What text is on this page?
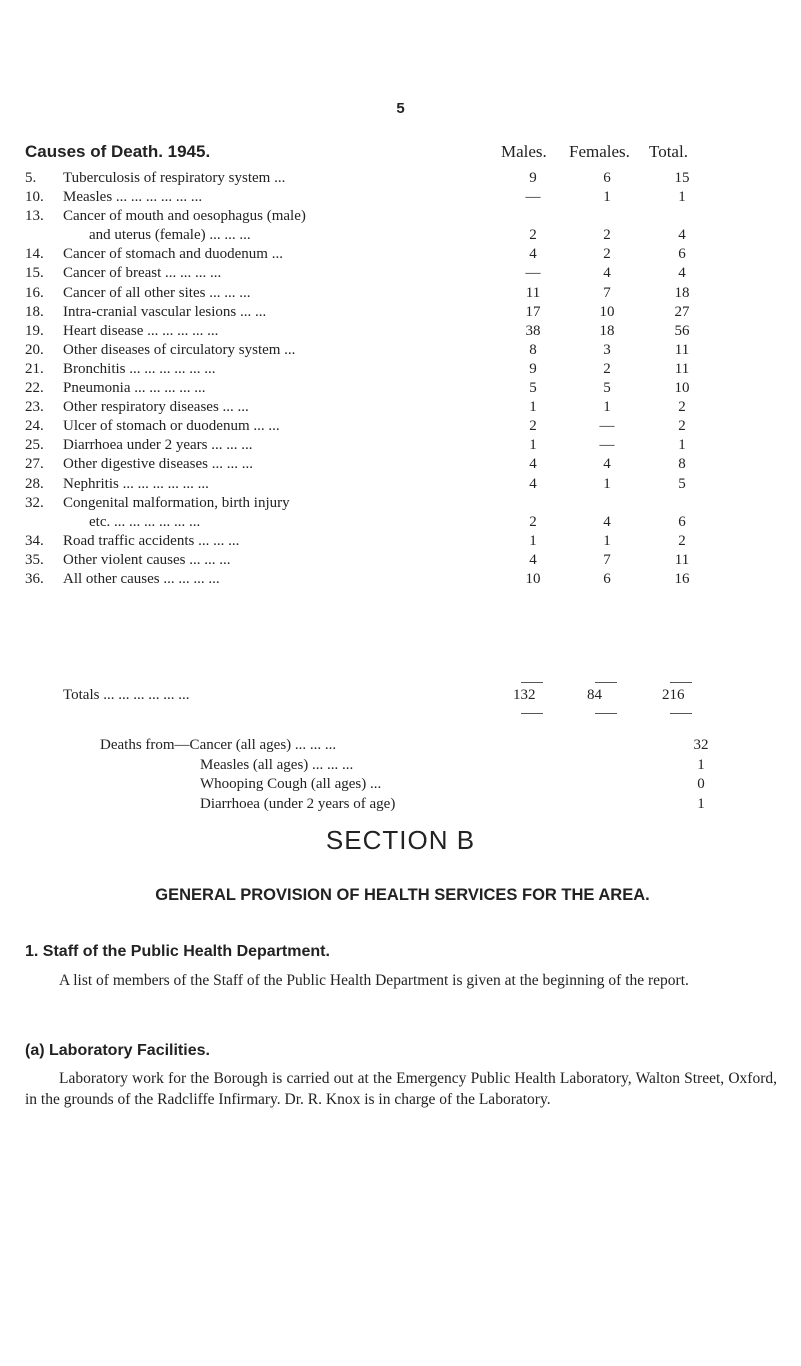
5
Causes of Death. 1945.	Males. Females. Total.
5.	Tuberculosis of respiratory system ...	9	6	15
10.	Measles ... ... ... ... ... ...	—	1	1
13.	Cancer of mouth and oesophagus (male)
and uterus (female) ... ... ...	2	2	4
14.	Cancer of stomach and duodenum ...	4	2	6
15.	Cancer of breast ... ... ... ...	—	4	4
16.	Cancer of all other sites ... ... ...	11	7	18
18.	Intra-cranial vascular lesions ... ...	17	10	27
19.	Heart disease ... ... ... ... ...	38	18	56
20.	Other diseases of circulatory system ...	8	3	11
21.	Bronchitis ... ... ... ... ... ...	9	2	11
22.	Pneumonia ... ... ... ... ...	5	5	10
23.	Other respiratory diseases ... ...	1	1	2
24.	Ulcer of stomach or duodenum ... ...	2	—	2
25.	Diarrhoea under 2 years ... ... ...	1	—	1
27.	Other digestive diseases ... ... ...	4	4	8
28.	Nephritis ... ... ... ... ... ...	4	1	5
32.	Congenital malformation, birth injury
etc. ... ... ... ... ... ...	2	4	6
34.	Road traffic accidents ... ... ...	1	1	2
35.	Other violent causes ... ... ...	4	7	11
36.	All other causes ... ... ... ...	10	6	16
Totals ... ... ... ... ... ...	132	84	216
Deaths from—Cancer (all ages) ... ... ...	32
Measles (all ages) ... ... ...	1
Whooping Cough (all ages) ...	0
Diarrhoea (under 2 years of age)	1
SECTION B
GENERAL PROVISION OF HEALTH SERVICES FOR THE AREA.
1. Staff of the Public Health Department.
A list of members of the Staff of the Public Health Department is given at the beginning of the report.
(a) Laboratory Facilities.
Laboratory work for the Borough is carried out at the Emergency Public Health Laboratory, Walton Street, Oxford, in the grounds of the Radcliffe Infirmary. Dr. R. Knox is in charge of the Laboratory.
